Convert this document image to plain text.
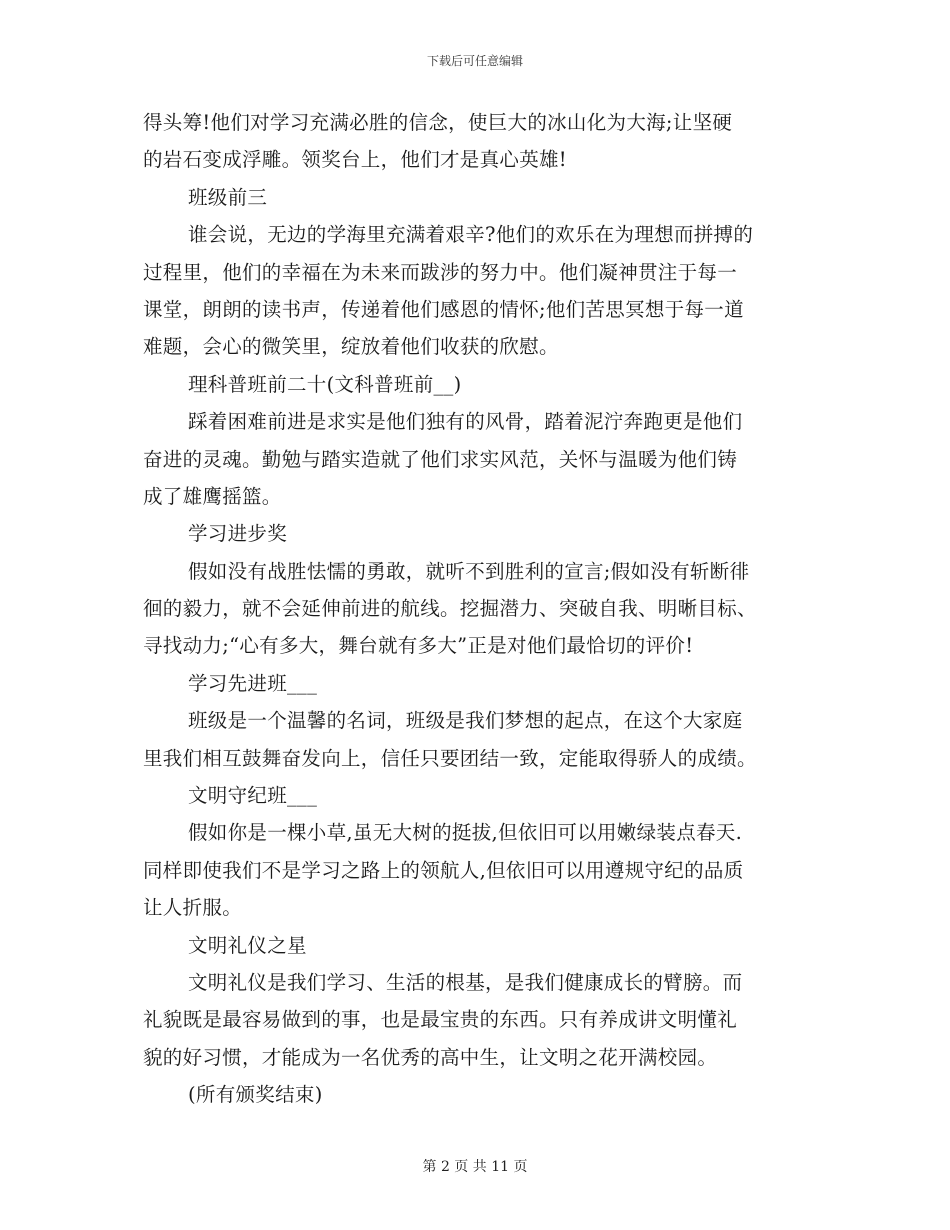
下载后可任意编辑
得头筹!他们对学习充满必胜的信念，使巨大的冰山化为大海;让坚硬
的岩石变成浮雕。领奖台上，他们才是真心英雄!
班级前三
谁会说，无边的学海里充满着艰辛?他们的欢乐在为理想而拼搏的
过程里，他们的幸福在为未来而跋涉的努力中。他们凝神贯注于每一
课堂，朗朗的读书声，传递着他们感恩的情怀;他们苦思冥想于每一道
难题，会心的微笑里，绽放着他们收获的欣慰。
理科普班前二十(文科普班前__)
踩着困难前进是求实是他们独有的风骨，踏着泥泞奔跑更是他们
奋进的灵魂。勤勉与踏实造就了他们求实风范，关怀与温暖为他们铸
成了雄鹰摇篮。
学习进步奖
假如没有战胜怯懦的勇敢，就听不到胜利的宣言;假如没有斩断徘
徊的毅力，就不会延伸前进的航线。挖掘潜力、突破自我、明晰目标、
寻找动力;“心有多大，舞台就有多大”正是对他们最恰切的评价!
学习先进班___
班级是一个温馨的名词，班级是我们梦想的起点，在这个大家庭
里我们相互鼓舞奋发向上，信任只要团结一致，定能取得骄人的成绩。
文明守纪班___
假如你是一棵小草,虽无大树的挺拔,但依旧可以用嫩绿装点春天.
同样即使我们不是学习之路上的领航人,但依旧可以用遵规守纪的品质
让人折服。
文明礼仪之星
文明礼仪是我们学习、生活的根基，是我们健康成长的臂膀。而
礼貌既是最容易做到的事，也是最宝贵的东西。只有养成讲文明懂礼
貌的好习惯，才能成为一名优秀的高中生，让文明之花开满校园。
(所有颁奖结束)
第 2 页 共 11 页
